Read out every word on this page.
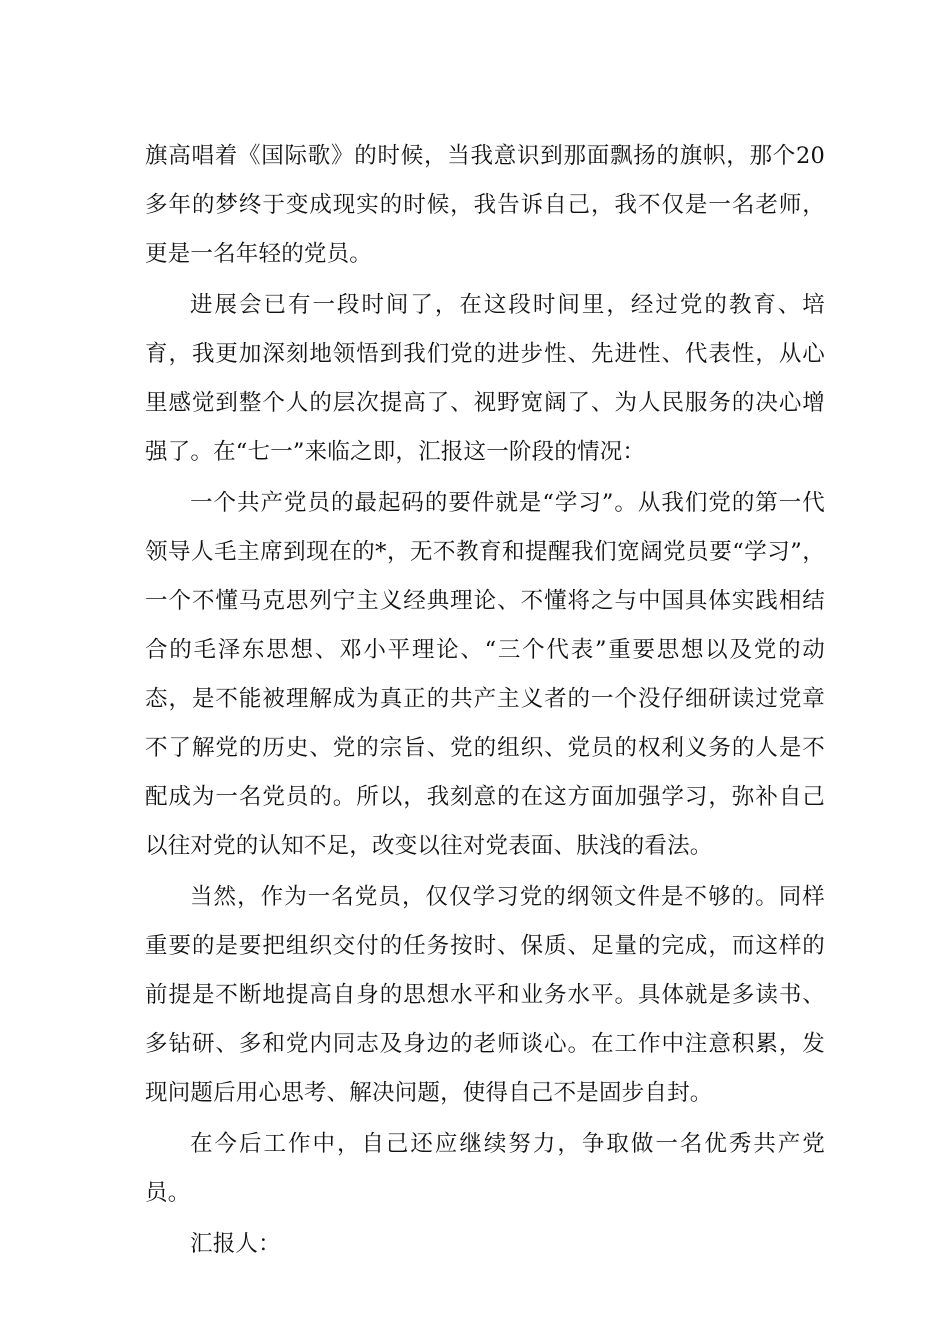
旗高唱着《国际歌》的时候，当我意识到那面飘扬的旗帜，那个20多年的梦终于变成现实的时候，我告诉自己，我不仅是一名老师，更是一名年轻的党员。

进展会已有一段时间了，在这段时间里，经过党的教育、培育，我更加深刻地领悟到我们党的进步性、先进性、代表性，从心里感觉到整个人的层次提高了、视野宽阔了、为人民服务的决心增强了。在“七一”来临之即，汇报这一阶段的情况：

一个共产党员的最起码的要件就是“学习”。从我们党的第一代领导人毛主席到现在的*，无不教育和提醒我们宽阔党员要“学习”，一个不懂马克思列宁主义经典理论、不懂将之与中国具体实践相结合的毛泽东思想、邓小平理论、“三个代表”重要思想以及党的动态，是不能被理解成为真正的共产主义者的一个没仔细研读过党章不了解党的历史、党的宗旨、党的组织、党员的权利义务的人是不配成为一名党员的。所以，我刻意的在这方面加强学习，弥补自己以往对党的认知不足，改变以往对党表面、肤浅的看法。

当然，作为一名党员，仅仅学习党的纲领文件是不够的。同样重要的是要把组织交付的任务按时、保质、足量的完成，而这样的前提是不断地提高自身的思想水平和业务水平。具体就是多读书、多钻研、多和党内同志及身边的老师谈心。在工作中注意积累，发现问题后用心思考、解决问题，使得自己不是固步自封。

在今后工作中，自己还应继续努力，争取做一名优秀共产党员。

汇报人：
